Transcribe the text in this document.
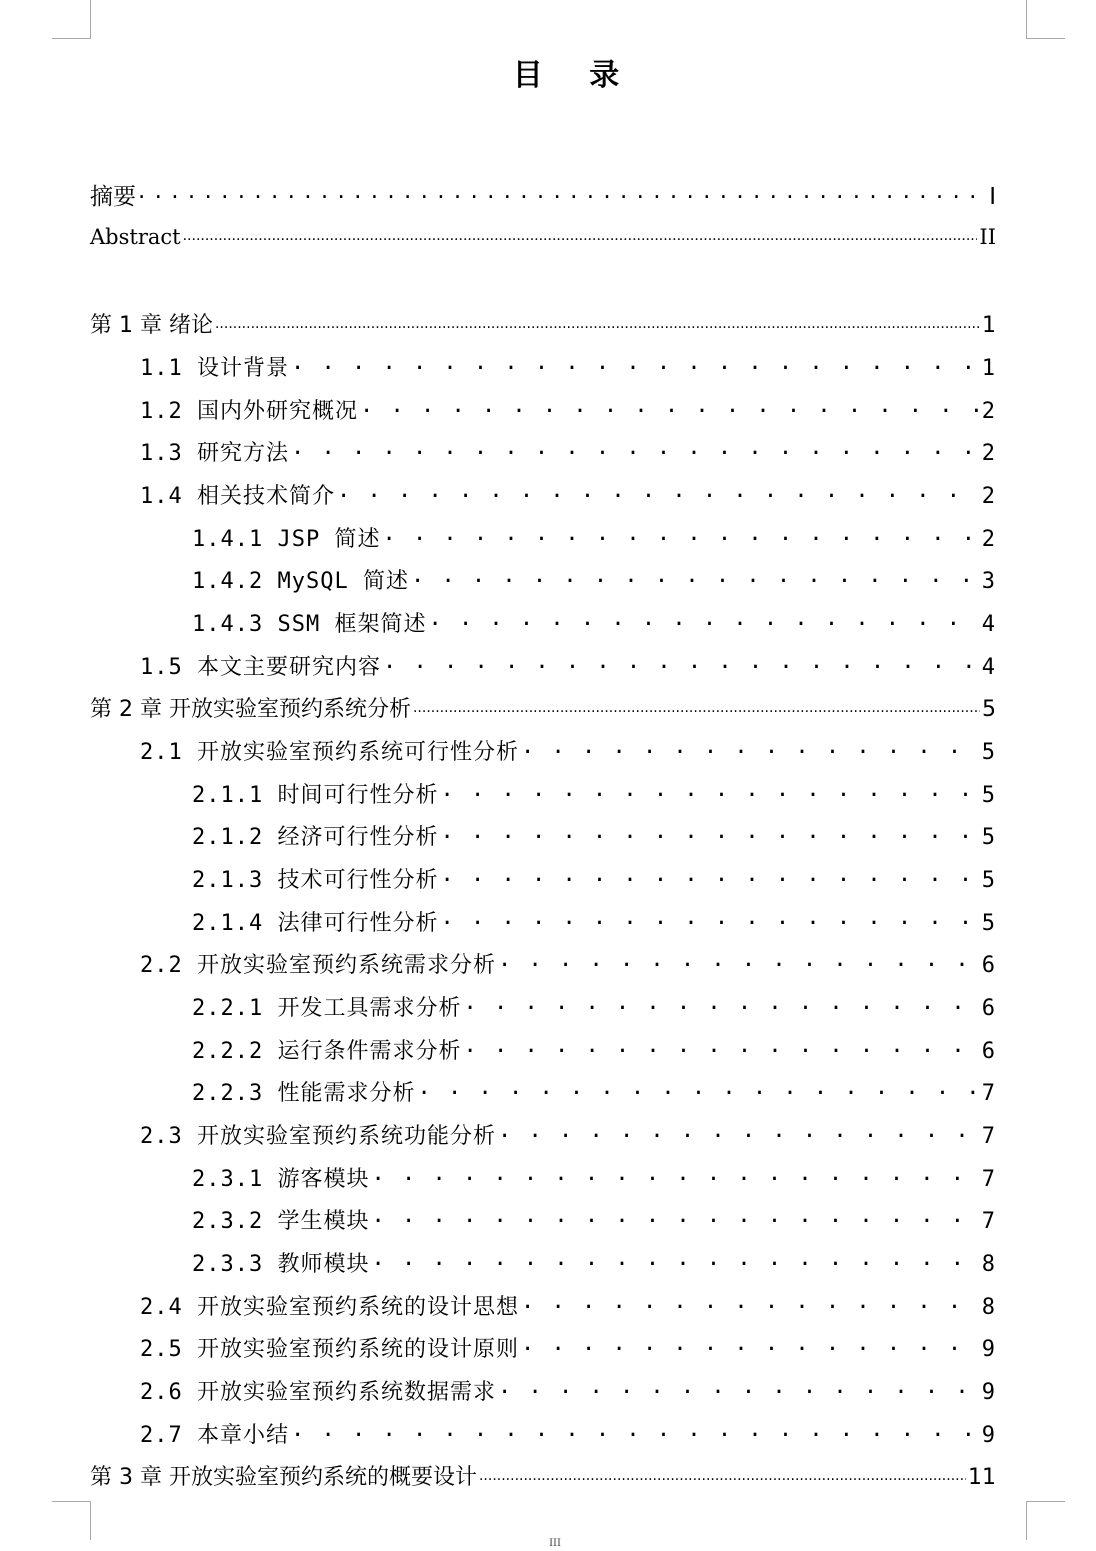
目 录
摘要 . . .	I
Abstract .....	II
第 1 章 绪论 .....	1
1.1 设计背景 . . .	1
1.2 国内外研究概况 . . .	2
1.3 研究方法 . . .	2
1.4 相关技术简介 . . .	2
1.4.1 JSP 简述 . . .	2
1.4.2 MySQL 简述 . . .	3
1.4.3 SSM 框架简述 . . .	4
1.5 本文主要研究内容 . . .	4
第 2 章 开放实验室预约系统分析 .....	5
2.1 开放实验室预约系统可行性分析 . . .	5
2.1.1 时间可行性分析 . . .	5
2.1.2 经济可行性分析 . . .	5
2.1.3 技术可行性分析 . . .	5
2.1.4 法律可行性分析 . . .	5
2.2 开放实验室预约系统需求分析 . . .	6
2.2.1 开发工具需求分析 . . .	6
2.2.2 运行条件需求分析 . . .	6
2.2.3 性能需求分析 . . .	7
2.3 开放实验室预约系统功能分析 . . .	7
2.3.1 游客模块 . . .	7
2.3.2 学生模块 . . .	7
2.3.3 教师模块 . . .	8
2.4 开放实验室预约系统的设计思想 . . .	8
2.5 开放实验室预约系统的设计原则 . . .	9
2.6 开放实验室预约系统数据需求 . . .	9
2.7 本章小结 . . .	9
第 3 章 开放实验室预约系统的概要设计 .....	11
III
